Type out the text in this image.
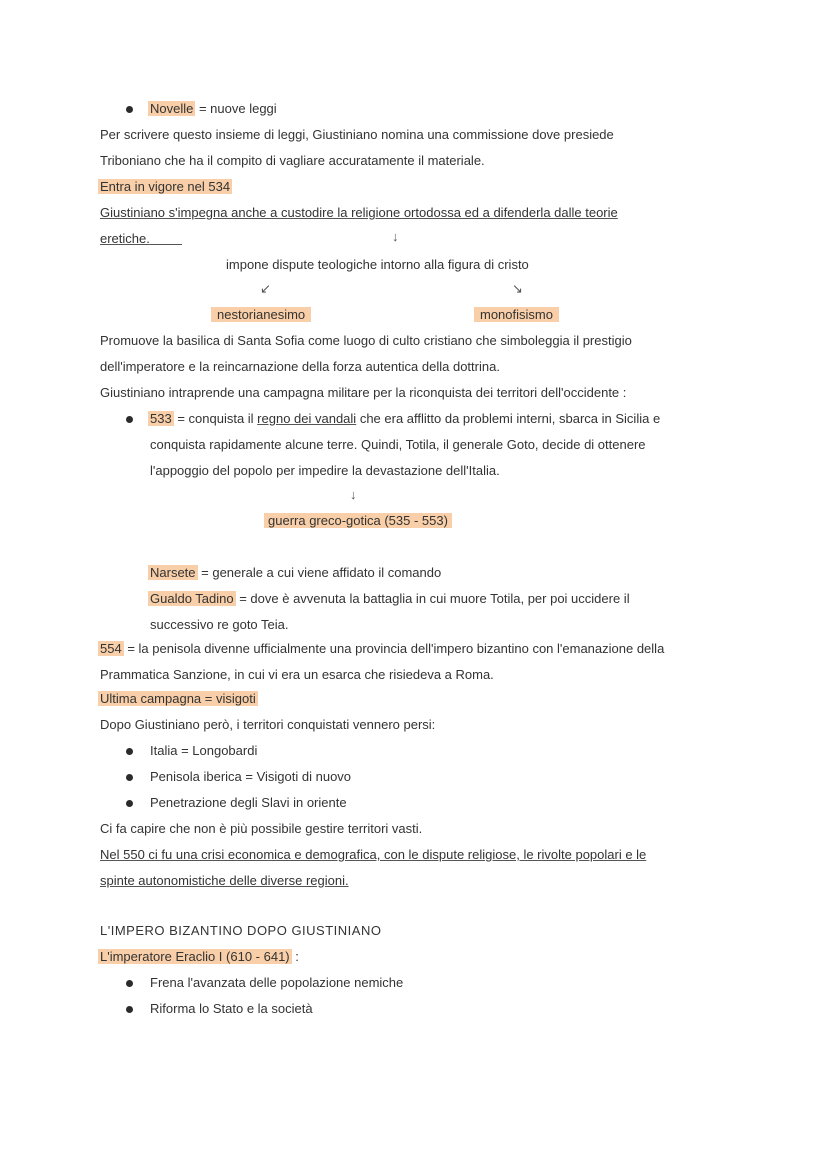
Novelle = nuove leggi
Per scrivere questo insieme di leggi, Giustiniano nomina una commissione dove presiede
Triboniano che ha il compito di vagliare accuratamente il materiale.
Entra in vigore nel 534
Giustiniano s'impegna anche a custodire la religione ortodossa ed a difenderla dalle teorie
eretiche.	↓
impone dispute teologiche intorno alla figura di cristo
↙	↘
nestorianesimo	monofisismo
Promuove la basilica di Santa Sofia come luogo di culto cristiano che simboleggia il prestigio
dell'imperatore e la reincarnazione della forza autentica della dottrina.
Giustiniano intraprende una campagna militare per la riconquista dei territori dell'occidente :
533 = conquista il regno dei vandali che era afflitto da problemi interni, sbarca in Sicilia e
conquista rapidamente alcune terre. Quindi, Totila, il generale Goto, decide di ottenere
l'appoggio del popolo per impedire la devastazione dell'Italia.
↓
guerra greco-gotica (535 - 553)
Narsete = generale a cui viene affidato il comando
Gualdo Tadino = dove è avvenuta la battaglia in cui muore Totila, per poi uccidere il
successivo re goto Teia.
554 = la penisola divenne ufficialmente una provincia dell'impero bizantino con l'emanazione della
Prammatica Sanzione, in cui vi era un esarca che risiedeva a Roma.
Ultima campagna = visigoti
Dopo Giustiniano però, i territori conquistati vennero persi:
Italia = Longobardi
Penisola iberica = Visigoti di nuovo
Penetrazione degli Slavi in oriente
Ci fa capire che non è più possibile gestire territori vasti.
Nel 550 ci fu una crisi economica e demografica, con le dispute religiose, le rivolte popolari e le
spinte autonomistiche delle diverse regioni.
L'IMPERO BIZANTINO DOPO GIUSTINIANO
L'imperatore Eraclio I (610 - 641) :
Frena l'avanzata delle popolazione nemiche
Riforma lo Stato e la società
